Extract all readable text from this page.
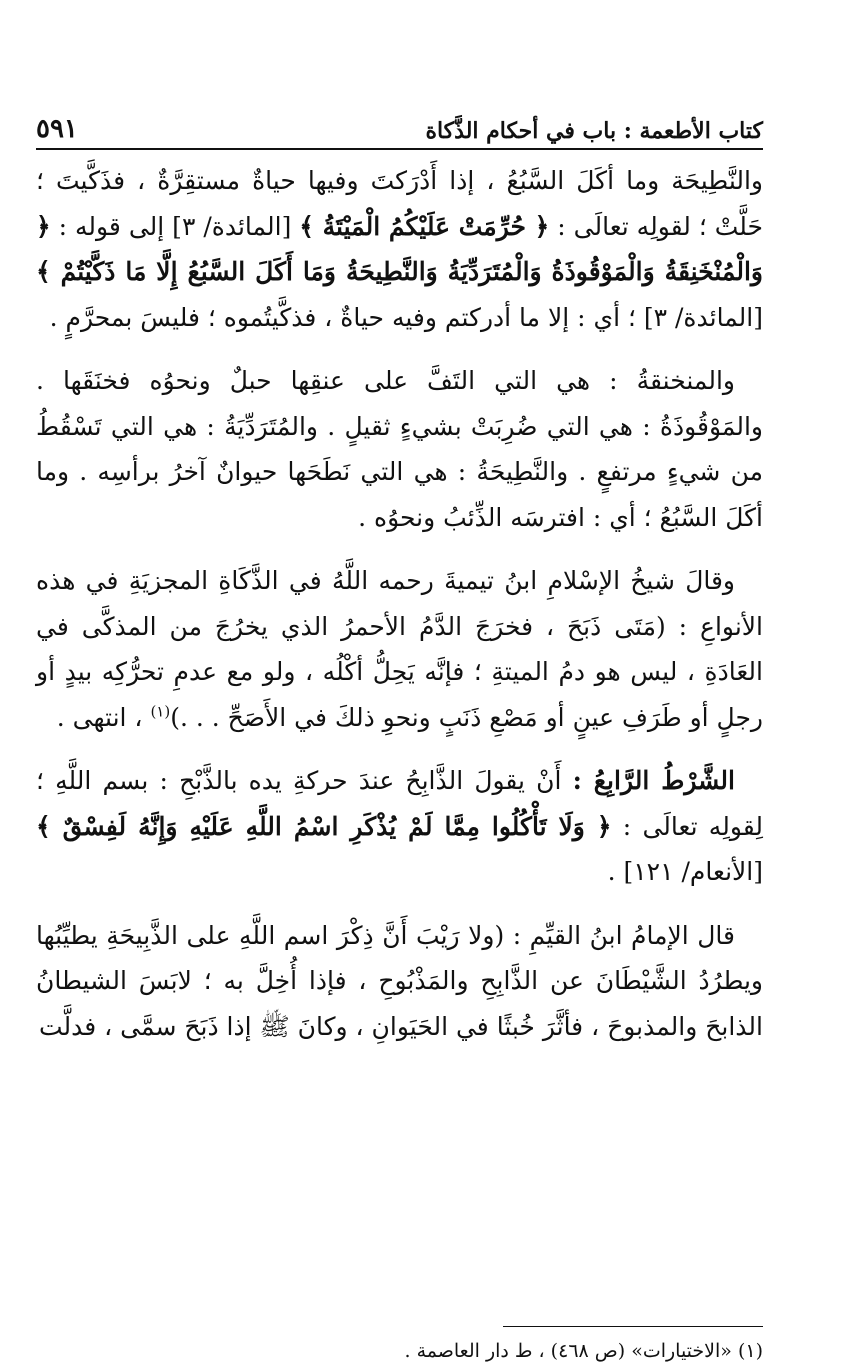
كتاب الأطعمة : باب في أحكام الذَّكاة
٥٩١

والنَّطِيحَة وما أكَلَ السَّبُعُ ، إذا أَدْرَكتَ وفيها حياةٌ مستقِرَّةٌ ، فذَكَّيتَ ؛ حَلَّتْ ؛ لقولِه تعالَى : ﴿ حُرِّمَتْ عَلَيْكُمُ الْمَيْتَةُ ﴾ [المائدة/ ٣] إلى قوله : ﴿ وَالْمُنْخَنِقَةُ وَالْمَوْقُوذَةُ وَالْمُتَرَدِّيَةُ وَالنَّطِيحَةُ وَمَا أَكَلَ السَّبُعُ إِلَّا مَا ذَكَّيْتُمْ ﴾ [المائدة/ ٣] ؛ أي : إلا ما أدركتم وفيه حياةٌ ، فذكَّيتُموه ؛ فليسَ بمحرَّمٍ .

والمنخنقةُ : هي التي التَفَّ على عنقِها حبلٌ ونحوُه فخنَقَها . والمَوْقُوذَةُ : هي التي ضُرِبَتْ بشيءٍ ثقيلٍ . والمُتَرَدِّيَةُ : هي التي تَسْقُطُ من شيءٍ مرتفعٍ . والنَّطِيحَةُ : هي التي نَطَحَها حيوانٌ آخرُ برأسِه . وما أكَلَ السَّبُعُ ؛ أي : افترسَه الذِّئبُ ونحوُه .

وقالَ شيخُ الإسْلامِ ابنُ تيميةَ رحمه اللَّهُ في الذَّكَاةِ المجزيَةِ في هذه الأنواعِ : (مَتَى ذَبَحَ ، فخرَجَ الدَّمُ الأحمرُ الذي يخرُجَ من المذكَّى في العَادَةِ ، ليس هو دمُ الميتةِ ؛ فإنَّه يَحِلُّ أكْلُه ، ولو مع عدمِ تحرُّكِه بيدٍ أو رجلٍ أو طَرَفِ عينٍ أو مَصْعِ ذَنَبٍ ونحوِ ذلكَ في الأَصَحِّ . . .)$^{(١)}$ ، انتهى .

الشَّرْطُ الرَّابِعُ : أَنْ يقولَ الذَّابِحُ عندَ حركةِ يده بالذَّبْحِ : بسم اللَّهِ ؛ لِقولِه تعالَى : ﴿ وَلَا تَأْكُلُوا مِمَّا لَمْ يُذْكَرِ اسْمُ اللَّهِ عَلَيْهِ وَإِنَّهُ لَفِسْقٌ ﴾ [الأنعام/ ١٢١] .

قال الإمامُ ابنُ القيِّمِ : (ولا رَيْبَ أَنَّ ذِكْرَ اسم اللَّهِ على الذَّبِيحَةِ يطيِّبُها ويطرُدُ الشَّيْطَانَ عن الذَّابِحِ والمَذْبُوحِ ، فإذا أُخِلَّ به ؛ لابَسَ الشيطانُ الذابحَ والمذبوحَ ، فأثَّرَ خُبثًا في الحَيَوانِ ، وكانَ ﷺ إذا ذَبَحَ سمَّى ، فدلَّت

(١) «الاختيارات» (ص ٤٦٨) ، ط دار العاصمة .
